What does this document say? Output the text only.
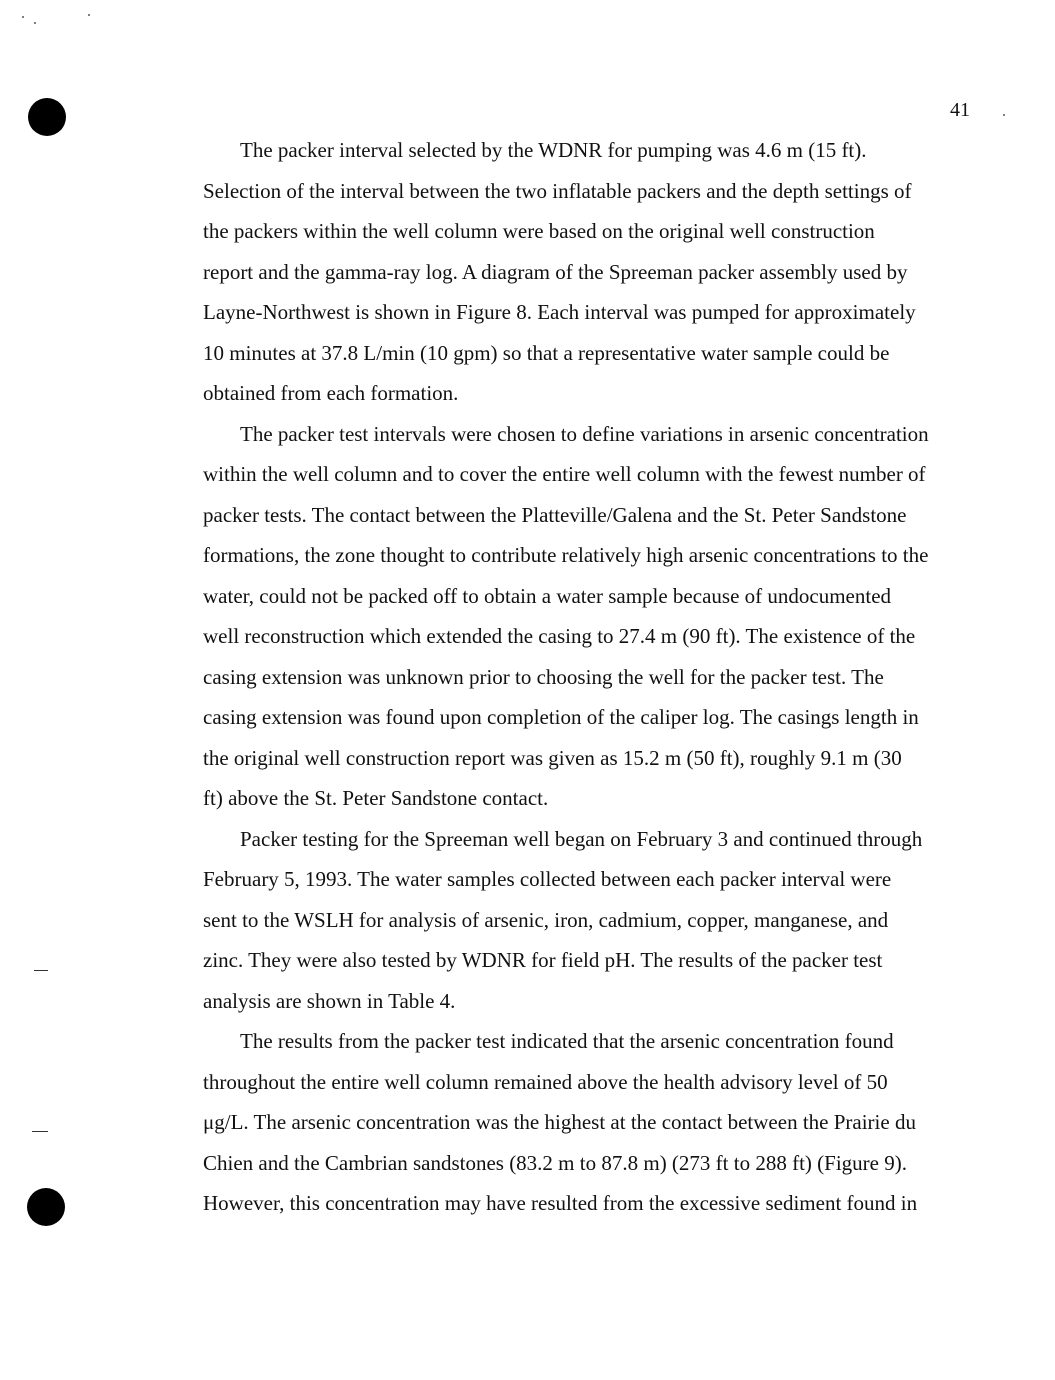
41

The packer interval selected by the WDNR for pumping was 4.6 m (15 ft).
Selection of the interval between the two inflatable packers and the depth settings of
the packers within the well column were based on the original well construction
report and the gamma-ray log. A diagram of the Spreeman packer assembly used by
Layne-Northwest is shown in Figure 8. Each interval was pumped for approximately
10 minutes at 37.8 L/min (10 gpm) so that a representative water sample could be
obtained from each formation.

The packer test intervals were chosen to define variations in arsenic concentration
within the well column and to cover the entire well column with the fewest number of
packer tests. The contact between the Platteville/Galena and the St. Peter Sandstone
formations, the zone thought to contribute relatively high arsenic concentrations to the
water, could not be packed off to obtain a water sample because of undocumented
well reconstruction which extended the casing to 27.4 m (90 ft). The existence of the
casing extension was unknown prior to choosing the well for the packer test. The
casing extension was found upon completion of the caliper log. The casings length in
the original well construction report was given as 15.2 m (50 ft), roughly 9.1 m (30
ft) above the St. Peter Sandstone contact.

Packer testing for the Spreeman well began on February 3 and continued through
February 5, 1993. The water samples collected between each packer interval were
sent to the WSLH for analysis of arsenic, iron, cadmium, copper, manganese, and
zinc. They were also tested by WDNR for field pH. The results of the packer test
analysis are shown in Table 4.

The results from the packer test indicated that the arsenic concentration found
throughout the entire well column remained above the health advisory level of 50
μg/L. The arsenic concentration was the highest at the contact between the Prairie du
Chien and the Cambrian sandstones (83.2 m to 87.8 m) (273 ft to 288 ft) (Figure 9).
However, this concentration may have resulted from the excessive sediment found in
